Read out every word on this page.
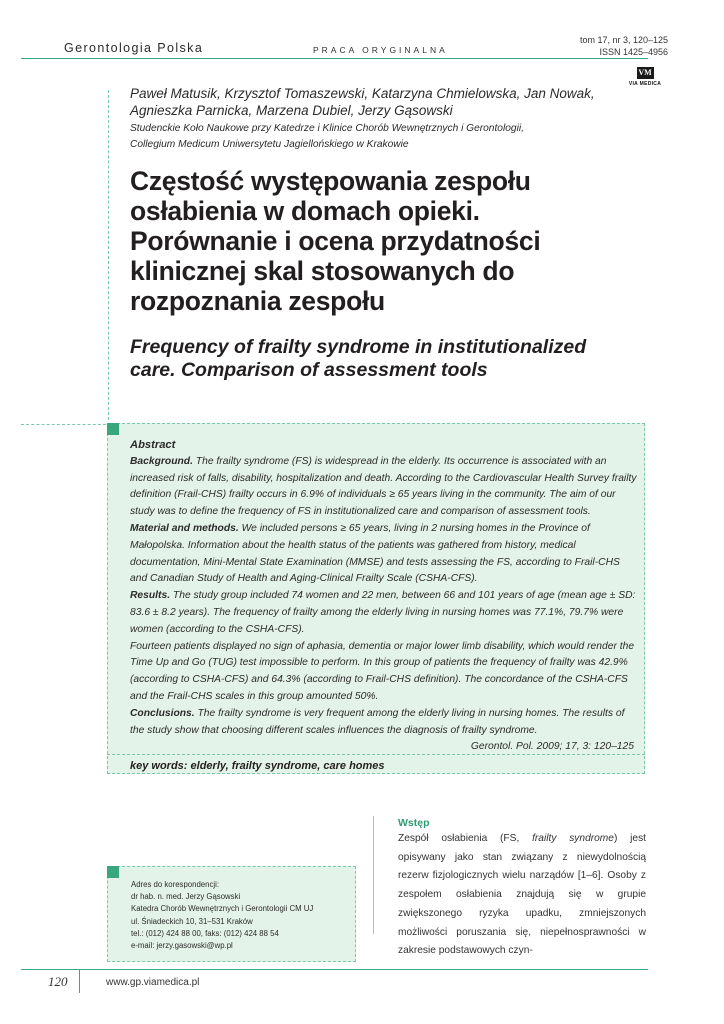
Gerontologia Polska	PRACA ORYGINALNA
tom 17, nr 3, 120–125
ISSN 1425–4956
VM
VIA MEDICA
Paweł Matusik, Krzysztof Tomaszewski, Katarzyna Chmielowska, Jan Nowak,
Agnieszka Parnicka, Marzena Dubiel, Jerzy Gąsowski
Studenckie Koło Naukowe przy Katedrze i Klinice Chorób Wewnętrznych i Gerontologii,
Collegium Medicum Uniwersytetu Jagiellońskiego w Krakowie
Częstość występowania zespołu osłabienia w domach opieki. Porównanie i ocena przydatności klinicznej skal stosowanych do rozpoznania zespołu
Frequency of frailty syndrome in institutionalized care. Comparison of assessment tools
Abstract
Background. The frailty syndrome (FS) is widespread in the elderly. Its occurrence is associated with an increased risk of falls, disability, hospitalization and death. According to the Cardiovascular Health Survey frailty definition (Frail-CHS) frailty occurs in 6.9% of individuals ≥ 65 years living in the community. The aim of our study was to define the frequency of FS in institutionalized care and comparison of assessment tools.
Material and methods. We included persons ≥ 65 years, living in 2 nursing homes in the Province of Małopolska. Information about the health status of the patients was gathered from history, medical documentation, Mini-Mental State Examination (MMSE) and tests assessing the FS, according to Frail-CHS and Canadian Study of Health and Aging-Clinical Frailty Scale (CSHA-CFS).
Results. The study group included 74 women and 22 men, between 66 and 101 years of age (mean age ± SD: 83.6 ± 8.2 years). The frequency of frailty among the elderly living in nursing homes was 77.1%, 79.7% were women (according to the CSHA-CFS).
Fourteen patients displayed no sign of aphasia, dementia or major lower limb disability, which would render the Time Up and Go (TUG) test impossible to perform. In this group of patients the frequency of frailty was 42.9% (according to CSHA-CFS) and 64.3% (according to Frail-CHS definition). The concordance of the CSHA-CFS and the Frail-CHS scales in this group amounted 50%.
Conclusions. The frailty syndrome is very frequent among the elderly living in nursing homes. The results of the study show that choosing different scales influences the diagnosis of frailty syndrome.
Gerontol. Pol. 2009; 17, 3: 120–125
key words: elderly, frailty syndrome, care homes
Wstęp
Zespół osłabienia (FS, frailty syndrome) jest opisywany jako stan związany z niewydolnością rezerw fizjologicznych wielu narządów [1–6]. Osoby z zespołem osłabienia znajdują się w grupie zwiększonego ryzyka upadku, zmniejszonych możliwości poruszania się, niepełnosprawności w zakresie podstawowych czyn-
Adres do korespondencji:
dr hab. n. med. Jerzy Gąsowski
Katedra Chorób Wewnętrznych i Gerontologii CM UJ
ul. Śniadeckich 10, 31–531 Kraków
tel.: (012) 424 88 00, faks: (012) 424 88 54
e-mail: jerzy.gasowski@wp.pl
120	www.gp.viamedica.pl
